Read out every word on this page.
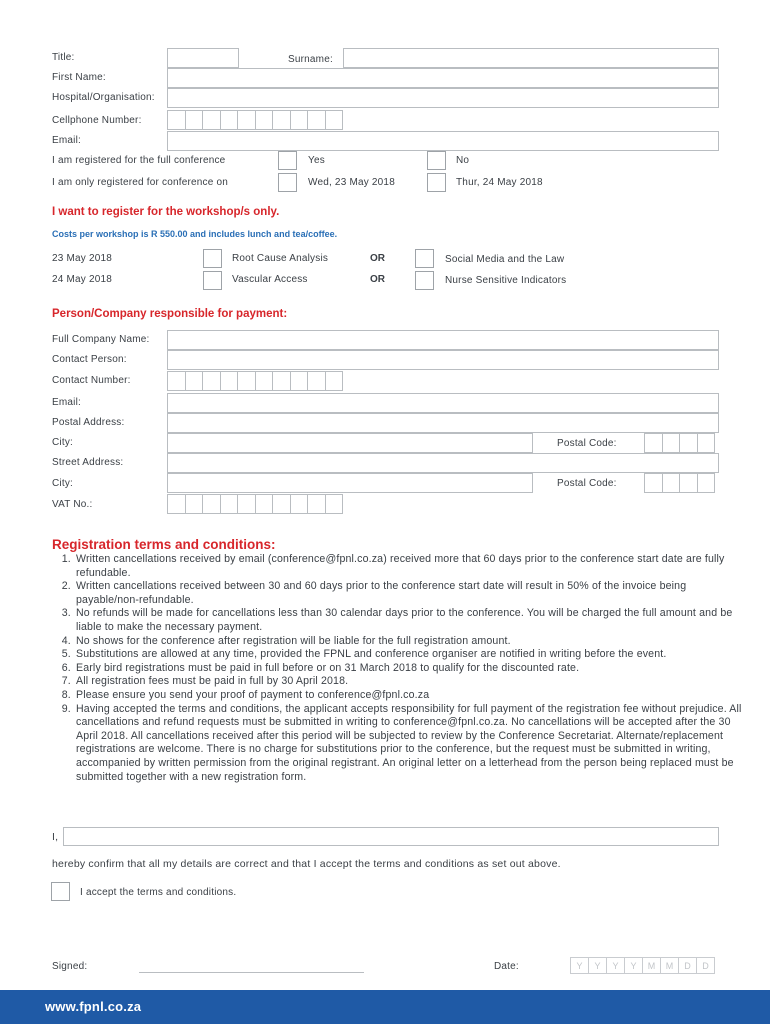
Title:	Surname:
First Name:
Hospital/Organisation:
Cellphone Number:
Email:
I am registered for the full conference	Yes	No
I am only registered for conference on	Wed, 23 May 2018	Thur, 24 May 2018
I want to register for the workshop/s only.
Costs per workshop is R 550.00 and includes lunch and tea/coffee.
23 May 2018	Root Cause Analysis	OR	Social Media and the Law
24 May 2018	Vascular Access	OR	Nurse Sensitive Indicators
Person/Company responsible for payment:
Full Company Name:
Contact Person:
Contact Number:
Email:
Postal Address:
City:	Postal Code:
Street Address:
City:	Postal Code:
VAT No.:
Registration terms and conditions:
1. Written cancellations received by email (conference@fpnl.co.za) received more that 60 days prior to the conference start date are fully refundable.
2. Written cancellations received between 30 and 60 days prior to the conference start date will result in 50% of the invoice being payable/non-refundable.
3. No refunds will be made for cancellations less than 30 calendar days prior to the conference. You will be charged the full amount and be liable to make the necessary payment.
4. No shows for the conference after registration will be liable for the full registration amount.
5. Substitutions are allowed at any time, provided the FPNL and conference organiser are notified in writing before the event.
6. Early bird registrations must be paid in full before or on 31 March 2018 to qualify for the discounted rate.
7. All registration fees must be paid in full by 30 April 2018.
8. Please ensure you send your proof of payment to conference@fpnl.co.za
9. Having accepted the terms and conditions, the applicant accepts responsibility for full payment of the registration fee without prejudice. All cancellations and refund requests must be submitted in writing to conference@fpnl.co.za. No cancellations will be accepted after the 30 April 2018. All cancellations received after this period will be subjected to review by the Conference Secretariat. Alternate/replacement registrations are welcome. There is no charge for substitutions prior to the conference, but the request must be submitted in writing, accompanied by written permission from the original registrant. An original letter on a letterhead from the person being replaced must be submitted together with a new registration form.
I,
hereby confirm that all my details are correct and that I accept the terms and conditions as set out above.
I accept the terms and conditions.
Signed:	Date:	Y	Y	Y	Y	M	M	D	D
www.fpnl.co.za
